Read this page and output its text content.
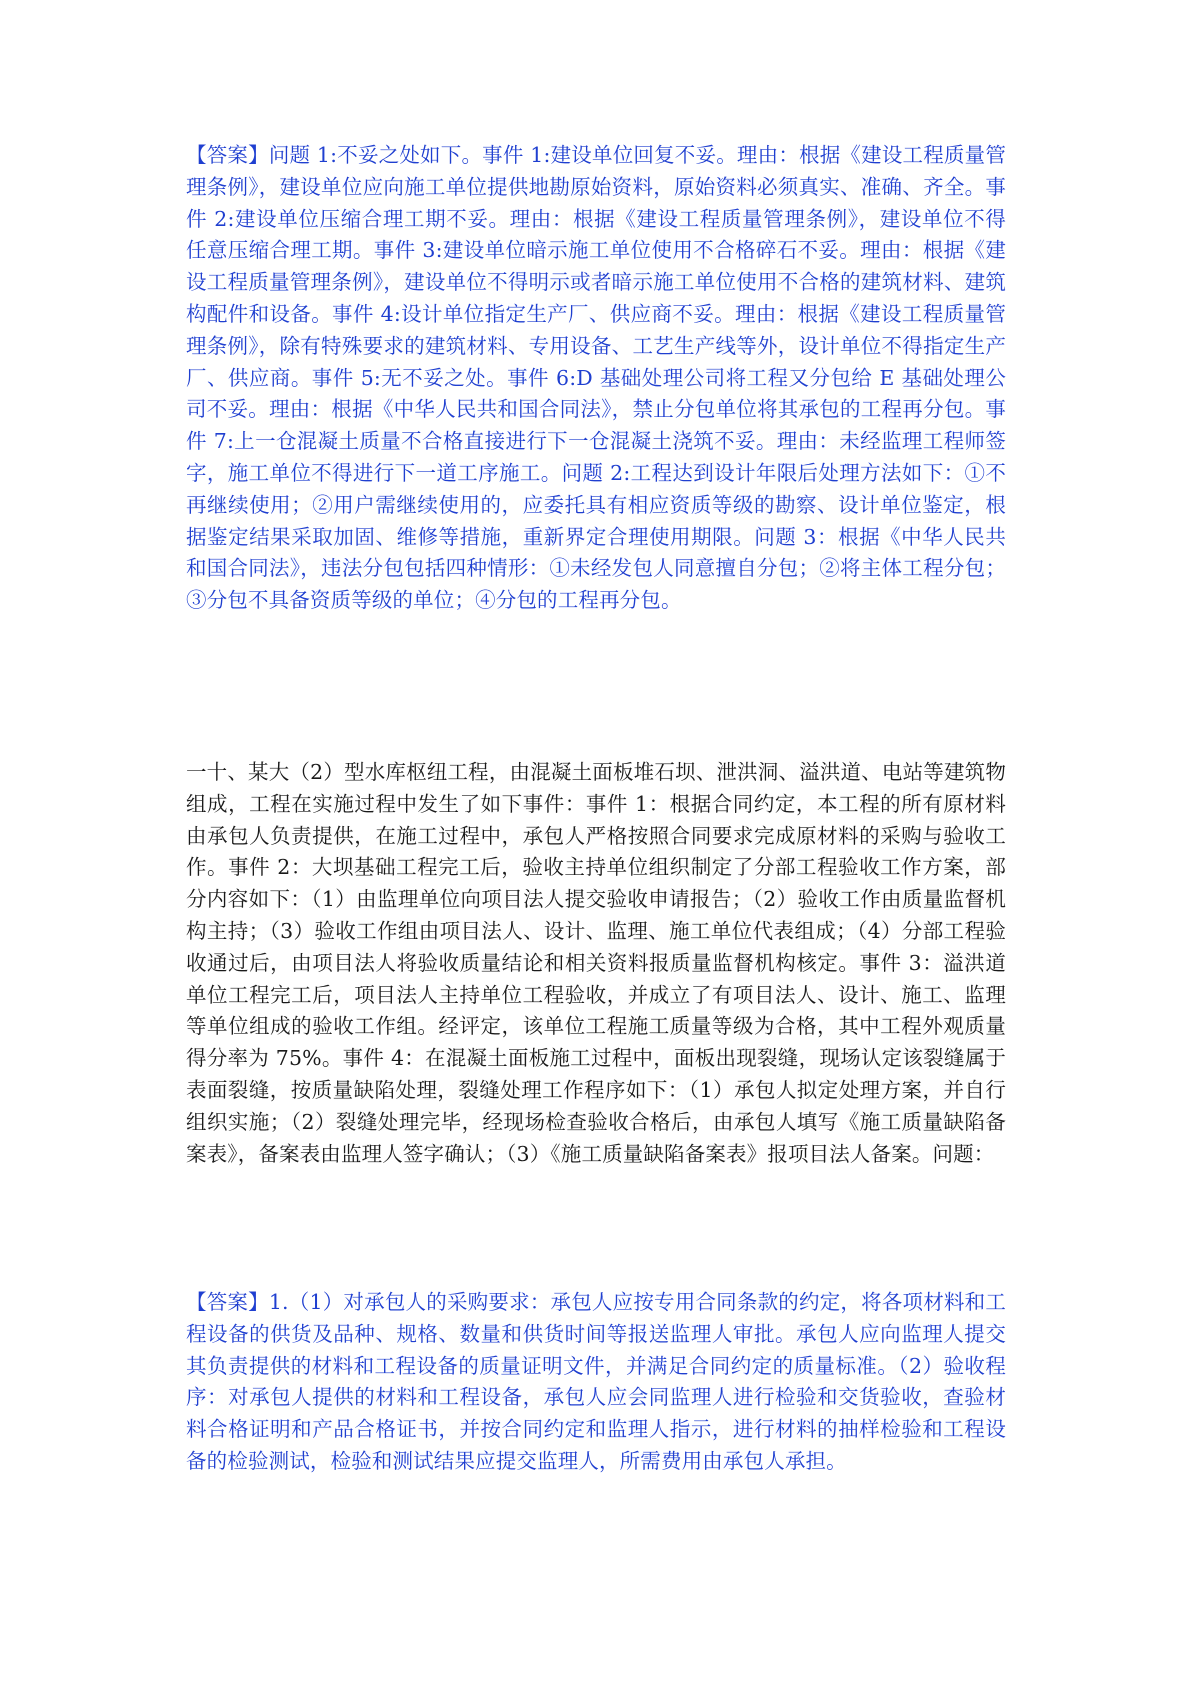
【答案】问题 1:不妥之处如下。事件 1:建设单位回复不妥。理由：根据《建设工程质量管理条例》，建设单位应向施工单位提供地勘原始资料，原始资料必须真实、准确、齐全。事件 2:建设单位压缩合理工期不妥。理由：根据《建设工程质量管理条例》，建设单位不得任意压缩合理工期。事件 3:建设单位暗示施工单位使用不合格碎石不妥。理由：根据《建设工程质量管理条例》，建设单位不得明示或者暗示施工单位使用不合格的建筑材料、建筑构配件和设备。事件 4:设计单位指定生产厂、供应商不妥。理由：根据《建设工程质量管理条例》，除有特殊要求的建筑材料、专用设备、工艺生产线等外，设计单位不得指定生产厂、供应商。事件 5:无不妥之处。事件 6:D 基础处理公司将工程又分包给 E 基础处理公司不妥。理由：根据《中华人民共和国合同法》，禁止分包单位将其承包的工程再分包。事件 7:上一仓混凝土质量不合格直接进行下一仓混凝土浇筑不妥。理由：未经监理工程师签字，施工单位不得进行下一道工序施工。问题 2:工程达到设计年限后处理方法如下：①不再继续使用；②用户需继续使用的，应委托具有相应资质等级的勘察、设计单位鉴定，根据鉴定结果采取加固、维修等措施，重新界定合理使用期限。问题 3：根据《中华人民共和国合同法》，违法分包包括四种情形：①未经发包人同意擅自分包；②将主体工程分包；③分包不具备资质等级的单位；④分包的工程再分包。

一十、某大（2）型水库枢纽工程，由混凝土面板堆石坝、泄洪洞、溢洪道、电站等建筑物组成，工程在实施过程中发生了如下事件：事件 1：根据合同约定，本工程的所有原材料由承包人负责提供，在施工过程中，承包人严格按照合同要求完成原材料的采购与验收工作。事件 2：大坝基础工程完工后，验收主持单位组织制定了分部工程验收工作方案，部分内容如下：（1）由监理单位向项目法人提交验收申请报告；（2）验收工作由质量监督机构主持；（3）验收工作组由项目法人、设计、监理、施工单位代表组成；（4）分部工程验收通过后，由项目法人将验收质量结论和相关资料报质量监督机构核定。事件 3：溢洪道单位工程完工后，项目法人主持单位工程验收，并成立了有项目法人、设计、施工、监理等单位组成的验收工作组。经评定，该单位工程施工质量等级为合格，其中工程外观质量得分率为 75%。事件 4：在混凝土面板施工过程中，面板出现裂缝，现场认定该裂缝属于表面裂缝，按质量缺陷处理，裂缝处理工作程序如下：（1）承包人拟定处理方案，并自行组织实施；（2）裂缝处理完毕，经现场检查验收合格后，由承包人填写《施工质量缺陷备案表》，备案表由监理人签字确认；（3）《施工质量缺陷备案表》报项目法人备案。问题：

【答案】1.（1）对承包人的采购要求：承包人应按专用合同条款的约定，将各项材料和工程设备的供货及品种、规格、数量和供货时间等报送监理人审批。承包人应向监理人提交其负责提供的材料和工程设备的质量证明文件，并满足合同约定的质量标准。（2）验收程序：对承包人提供的材料和工程设备，承包人应会同监理人进行检验和交货验收，查验材料合格证明和产品合格证书，并按合同约定和监理人指示，进行材料的抽样检验和工程设备的检验测试，检验和测试结果应提交监理人，所需费用由承包人承担。
